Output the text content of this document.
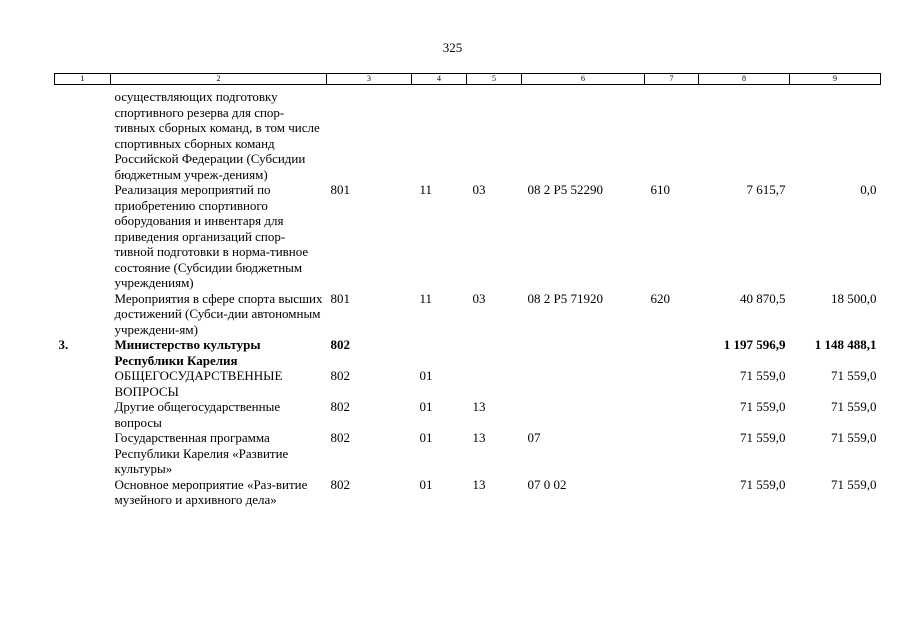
325
1	2	3	4	5	6	7	8	9

	осуществляющих подготовку спортивного резерва для спор-тивных сборных команд, в том числе спортивных сборных команд Российской Федерации (Субсидии бюджетным учреж-дениям)							
	Реализация мероприятий по приобретению спортивного оборудования и инвентаря для приведения организаций спор-тивной подготовки в норма-тивное состояние (Субсидии бюджетным учреждениям)	801	11	03	08 2 Р5 52290	610	7 615,7	0,0
	Мероприятия в сфере спорта высших достижений (Субси-дии автономным учреждени-ям)	801	11	03	08 2 Р5 71920	620	40 870,5	18 500,0
3.	Министерство культуры Республики Карелия	802					1 197 596,9	1 148 488,1
	ОБЩЕГОСУДАРСТВЕННЫЕ ВОПРОСЫ	802	01				71 559,0	71 559,0
	Другие общегосударственные вопросы	802	01	13			71 559,0	71 559,0
	Государственная программа Республики Карелия «Развитие культуры»	802	01	13	07		71 559,0	71 559,0
	Основное мероприятие «Раз-витие музейного и архивного дела»	802	01	13	07 0 02		71 559,0	71 559,0
